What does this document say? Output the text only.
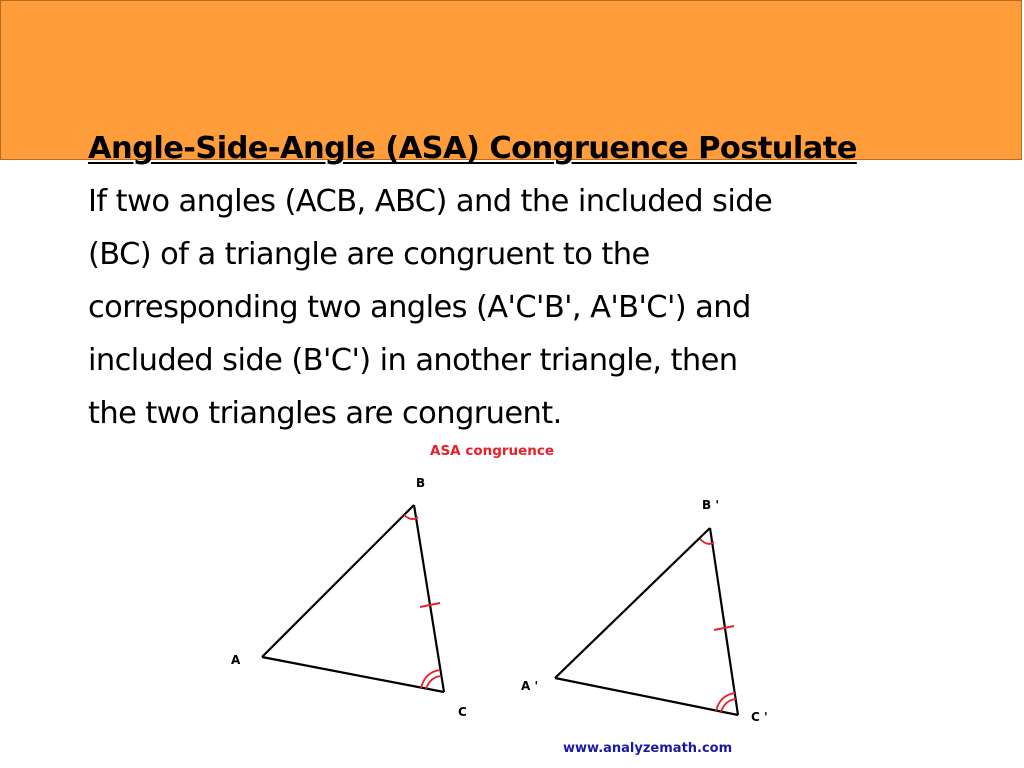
Angle-Side-Angle (ASA) Congruence Postulate
If two angles (ACB, ABC) and the included side
(BC) of a triangle are congruent to the
corresponding two angles (A'C'B', A'B'C') and
included side (B'C') in another triangle, then
the two triangles are congruent.
ASA congruence
B
A
C
B '
A '
C '
www.analyzemath.com
